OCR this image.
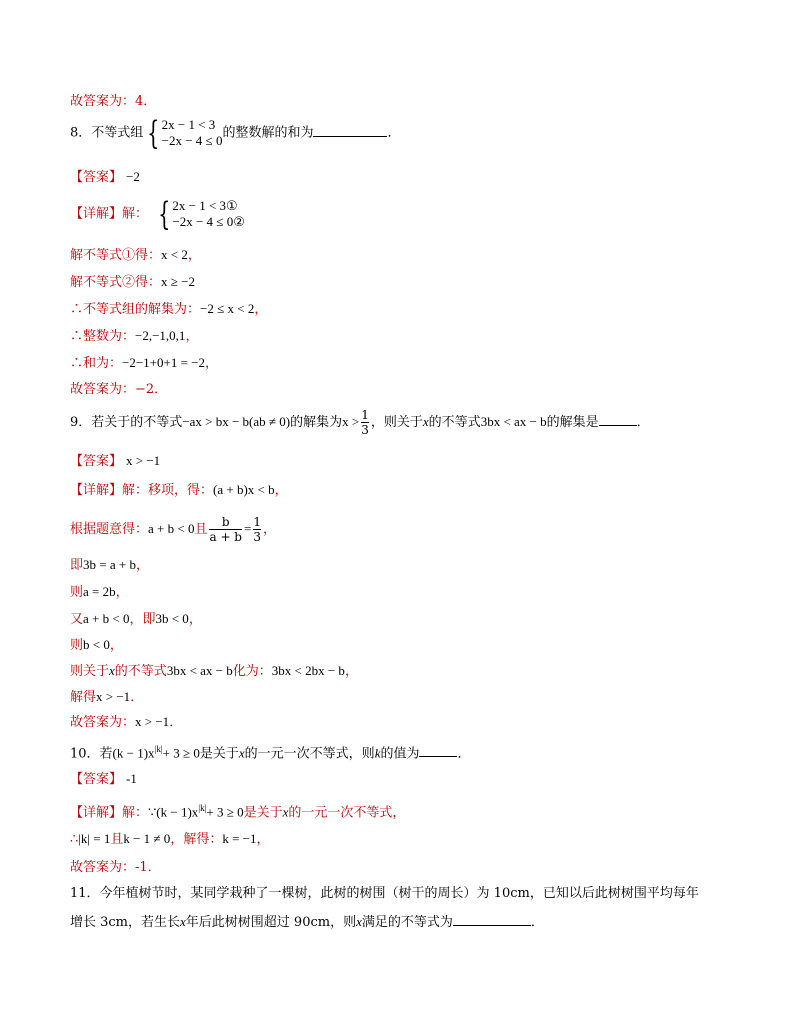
故答案为：4．
8．不等式组 { 2x − 1 < 3
−2x − 4 ≤ 0 的整数解的和为	．
【答案】 −2
【详解】解： { 2x − 1 < 3①
−2x − 4 ≤ 0②
解不等式①得：x < 2，
解不等式②得：x ≥ −2
∴不等式组的解集为：−2 ≤ x < 2，
∴整数为：−2,−1,0,1，
∴和为：−2−1+0+1 = −2，
故答案为：−2．
9．若关于的不等式−ax > bx − b(ab ≠ 0)的解集为$x > \frac{1}{3}$ ，则关于x的不等式3bx < ax − b的解集是	．
【答案】 x > −1
【详解】解：移项，得：(a + b)x < b，
根据题意得：a + b < 0且 $\frac{b}{a + b} = \frac{1}{3}$ ，
即3b = a + b，
则a = 2b，
又a + b < 0，即3b < 0，
则b < 0，
则关于x的不等式3bx < ax − b化为：3bx < 2bx − b，
解得x > −1．
故答案为：x > −1．
10．若$(k - 1)x^{|k|}+ 3 \ge 0$是关于x的一元一次不等式，则k的值为	．
【答案】 -1
【详解】解：∵(k − $1)x^{|k|}+ 3 \ge 0$是关于x的一元一次不等式，
∴|k| = 1且k − 1 ≠ 0，解得：k = −1，
故答案为：-1．
11．今年植树节时，某同学栽种了一棵树，此树的树围（树干的周长）为 10cm，已知以后此树树围平均每年
增长 3cm，若生长x年后此树树围超过 90cm，则x满足的不等式为	．
